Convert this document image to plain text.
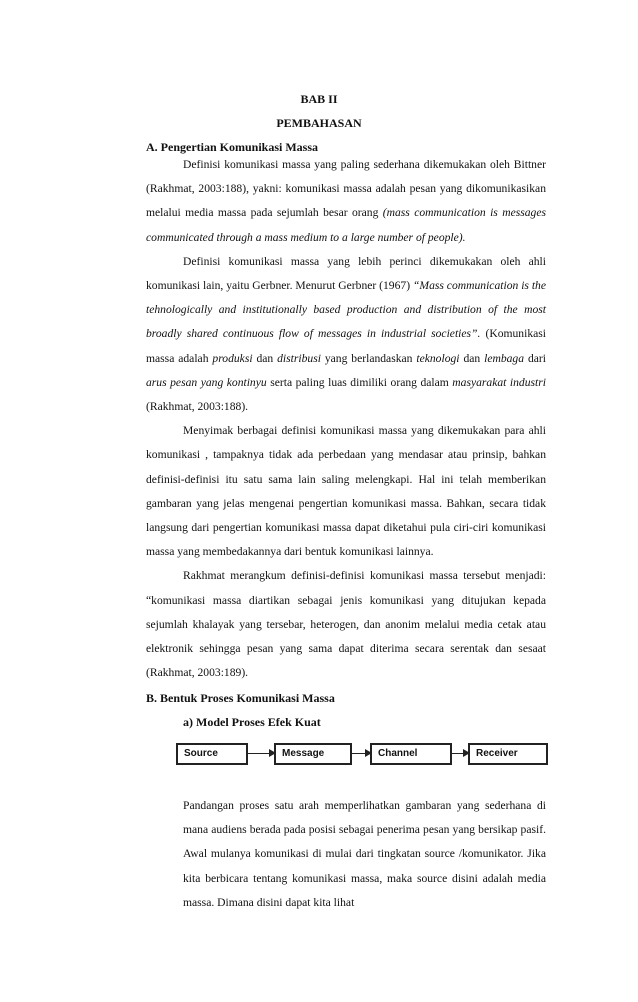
BAB II
PEMBAHASAN
A. Pengertian Komunikasi Massa

Definisi komunikasi massa yang paling sederhana dikemukakan oleh Bittner (Rakhmat, 2003:188), yakni: komunikasi massa adalah pesan yang dikomunikasikan melalui media massa pada sejumlah besar orang (mass communication is messages communicated through a mass medium to a large number of people).

Definisi komunikasi massa yang lebih perinci dikemukakan oleh ahli komunikasi lain, yaitu Gerbner. Menurut Gerbner (1967) “Mass communication is the tehnologically and institutionally based production and distribution of the most broadly shared continuous flow of messages in industrial societies”. (Komunikasi massa adalah produksi dan distribusi yang berlandaskan teknologi dan lembaga dari arus pesan yang kontinyu serta paling luas dimiliki orang dalam masyarakat industri (Rakhmat, 2003:188).

Menyimak berbagai definisi komunikasi massa yang dikemukakan para ahli komunikasi , tampaknya tidak ada perbedaan yang mendasar atau prinsip, bahkan definisi-definisi itu satu sama lain saling melengkapi. Hal ini telah memberikan gambaran yang jelas mengenai pengertian komunikasi massa. Bahkan, secara tidak langsung dari pengertian komunikasi massa dapat diketahui pula ciri-ciri komunikasi massa yang membedakannya dari bentuk komunikasi lainnya.

Rakhmat merangkum definisi-definisi komunikasi massa tersebut menjadi: “komunikasi massa diartikan sebagai jenis komunikasi yang ditujukan kepada sejumlah khalayak yang tersebar, heterogen, dan anonim melalui media cetak atau elektronik sehingga pesan yang sama dapat diterima secara serentak dan sesaat (Rakhmat, 2003:189).

B. Bentuk Proses Komunikasi Massa
a) Model Proses Efek Kuat
Source	Message	Channel	Receiver

Pandangan proses satu arah memperlihatkan gambaran yang sederhana di mana audiens berada pada posisi sebagai penerima pesan yang bersikap pasif. Awal mulanya komunikasi di mulai dari tingkatan source /komunikator. Jika kita berbicara tentang komunikasi massa, maka source disini adalah media massa. Dimana disini dapat kita lihat
